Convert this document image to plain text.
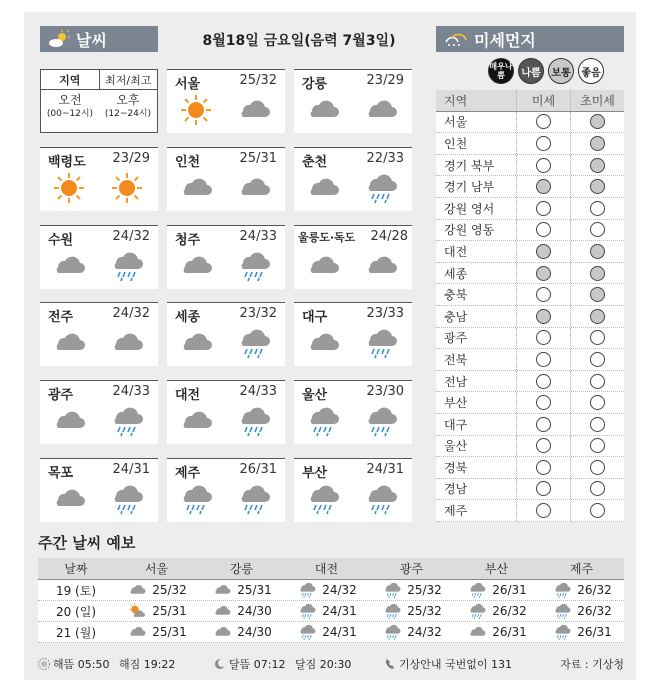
날씨	8월18일 금요일(음력 7월3일)	미세먼지
지역	최저/최고
오전
(00~12시)
오후
(12~24시)
서울	25/32 강릉	23/29
백령도 23/29 인천	25/31 춘천	22/33
수원	24/32 청주	24/33 울릉도·독도 24/28
전주	24/32 세종	23/32 대구	23/33
광주	24/33 대전	24/33 울산	23/30
목포	24/31 제주	26/31 부산	24/31
매우나쁨	나쁨	보통	좋음
지역	미세	초미세
서울
인천
경기 북부
경기 남부
강원 영서
강원 영동
대전
세종
충북
충남
광주
전북
전남
부산
대구
울산
경북
경남
제주
주간 날씨 예보
날짜	서울	강릉	대전	광주	부산	제주
19 (토)	25/32	25/31	24/32	25/32	26/31	26/32
20 (일)	25/31	24/30	24/31	25/32	26/32	26/32
21 (월)	25/31	24/30	24/31	24/32	26/31	26/31
해뜸 05:50
해짐 19:22	달뜸 07:12
달짐 20:30	기상안내 국번없이 131	자료 : 기상청
